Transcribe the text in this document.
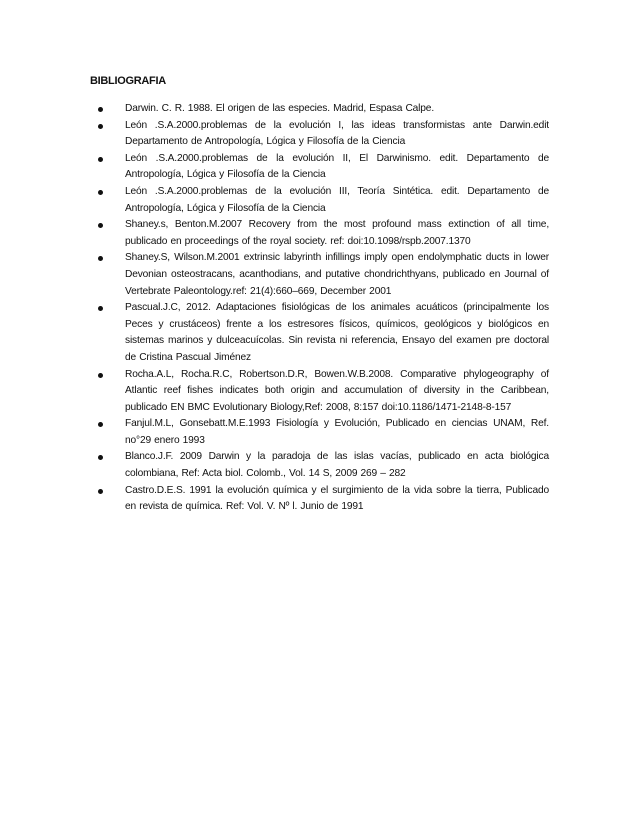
BIBLIOGRAFIA
Darwin. C. R. 1988. El origen de las especies. Madrid, Espasa Calpe.
León .S.A.2000.problemas de la evolución I, las ideas transformistas ante Darwin.edit Departamento de Antropología, Lógica y Filosofía de la Ciencia
León .S.A.2000.problemas de la evolución II, El Darwinismo. edit. Departamento de Antropología, Lógica y Filosofía de la Ciencia
León .S.A.2000.problemas de la evolución III, Teoría Sintética. edit. Departamento de Antropología, Lógica y Filosofía de la Ciencia
Shaney.s, Benton.M.2007 Recovery from the most profound mass extinction of all time, publicado en proceedings of the royal society. ref: doi:10.1098/rspb.2007.1370
Shaney.S, Wilson.M.2001 extrinsic labyrinth infillings imply open endolymphatic ducts in lower Devonian osteostracans, acanthodians, and putative chondrichthyans, publicado en Journal of Vertebrate Paleontology.ref: 21(4):660–669, December 2001
Pascual.J.C, 2012. Adaptaciones fisiológicas de los animales acuáticos (principalmente los Peces y crustáceos) frente a los estresores físicos, químicos, geológicos y biológicos en sistemas marinos y dulceacuícolas. Sin revista ni referencia, Ensayo del examen pre doctoral de Cristina Pascual Jiménez
Rocha.A.L, Rocha.R.C, Robertson.D.R, Bowen.W.B.2008. Comparative phylogeography of Atlantic reef fishes indicates both origin and accumulation of diversity in the Caribbean, publicado EN BMC Evolutionary Biology,Ref: 2008, 8:157 doi:10.1186/1471-2148-8-157
Fanjul.M.L, Gonsebatt.M.E.1993 Fisiología y Evolución, Publicado en ciencias UNAM, Ref. no°29 enero 1993
Blanco.J.F. 2009 Darwin y la paradoja de las islas vacías, publicado en acta biológica colombiana, Ref: Acta biol. Colomb., Vol. 14 S, 2009 269 – 282
Castro.D.E.S. 1991 la evolución química y el surgimiento de la vida sobre la tierra, Publicado en revista de química. Ref: Vol. V. Nº l. Junio de 1991
